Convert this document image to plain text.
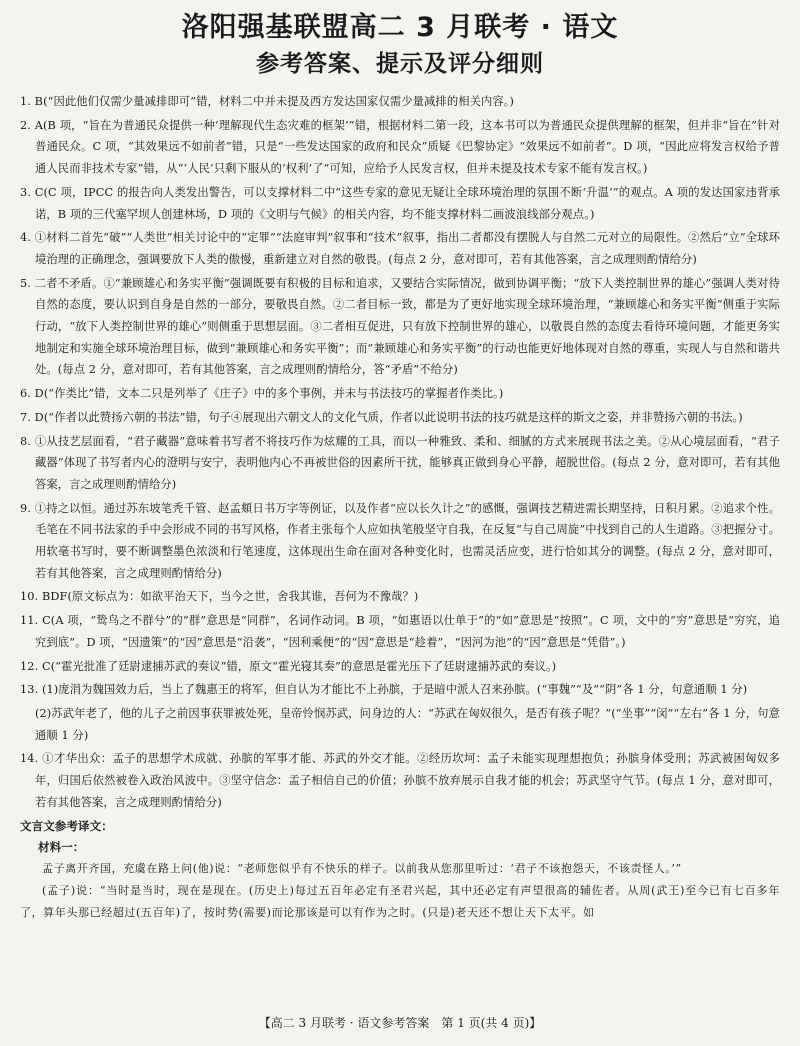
洛阳强基联盟高二 3 月联考 · 语文
参考答案、提示及评分细则

1. B(“因此他们仅需少量减排即可”错，材料二中并未提及西方发达国家仅需少量减排的相关内容。)

2. A(B 项，“旨在为普通民众提供一种‘理解现代生态灾难的框架’”错，根据材料二第一段，这本书可以为普通民众提供理解的框架，但并非“旨在”针对普通民众。C 项，“其效果远不如前者”错，只是“一些发达国家的政府和民众”质疑《巴黎协定》“效果远不如前者”。D 项，“因此应将发言权给予普通人民而非技术专家”错，从“‘人民’只剩下服从的‘权利’了”可知，应给予人民发言权，但并未提及技术专家不能有发言权。)

3. C(C 项，IPCC 的报告向人类发出警告，可以支撑材料二中“这些专家的意见无疑让全球环境治理的氛围不断‘升温’”的观点。A 项的发达国家违背承诺，B 项的三代塞罕坝人创建林场，D 项的《文明与气候》的相关内容，均不能支撑材料二画波浪线部分观点。)

4. ①材料二首先“破”“人类世”相关讨论中的“定罪”“法庭审判”叙事和“技术”叙事，指出二者都没有摆脱人与自然二元对立的局限性。②然后“立”全球环境治理的正确理念，强调要放下人类的傲慢，重新建立对自然的敬畏。(每点 2 分，意对即可，若有其他答案，言之成理则酌情给分)

5. 二者不矛盾。①“兼顾雄心和务实平衡”强调既要有积极的目标和追求，又要结合实际情况，做到协调平衡；“放下人类控制世界的雄心”强调人类对待自然的态度，要认识到自身是自然的一部分，要敬畏自然。②二者目标一致，都是为了更好地实现全球环境治理，“兼顾雄心和务实平衡”侧重于实际行动，“放下人类控制世界的雄心”则侧重于思想层面。③二者相互促进，只有放下控制世界的雄心，以敬畏自然的态度去看待环境问题，才能更务实地制定和实施全球环境治理目标，做到“兼顾雄心和务实平衡”；而“兼顾雄心和务实平衡”的行动也能更好地体现对自然的尊重，实现人与自然和谐共处。(每点 2 分，意对即可，若有其他答案，言之成理则酌情给分，答“矛盾”不给分)

6. D(“作类比”错，文本二只是列举了《庄子》中的多个事例，并未与书法技巧的掌握者作类比。)

7. D(“作者以此赞扬六朝的书法”错，句子④展现出六朝文人的文化气质，作者以此说明书法的技巧就是这样的斯文之姿，并非赞扬六朝的书法。)

8. ①从技艺层面看，“君子藏器”意味着书写者不将技巧作为炫耀的工具，而以一种雅致、柔和、细腻的方式来展现书法之美。②从心境层面看，“君子藏器”体现了书写者内心的澄明与安宁，表明他内心不再被世俗的因素所干扰，能够真正做到身心平静，超脱世俗。(每点 2 分，意对即可，若有其他答案，言之成理则酌情给分)

9. ①持之以恒。通过苏东坡笔秃千管、赵孟頫日书万字等例证，以及作者“应以长久计之”的感慨，强调技艺精进需长期坚持，日积月累。②追求个性。毛笔在不同书法家的手中会形成不同的书写风格，作者主张每个人应如执笔般坚守自我，在反复“与自己周旋”中找到自己的人生道路。③把握分寸。用软毫书写时，要不断调整墨色浓淡和行笔速度，这体现出生命在面对各种变化时，也需灵活应变，进行恰如其分的调整。(每点 2 分，意对即可，若有其他答案，言之成理则酌情给分)

10. BDF(原文标点为：如欲平治天下，当今之世，舍我其谁，吾何为不豫哉？)

11. C(A 项，“鸷鸟之不群兮”的“群”意思是“同群”，名词作动词。B 项，“如惠语以仕单于”的“如”意思是“按照”。C 项，文中的“穷”意思是“穷究，追究到底”。D 项，“因遗策”的“因”意思是“沿袭”，“因利乘便”的“因”意思是“趁着”，“因河为池”的“因”意思是“凭借”。)

12. C(“霍光批准了廷尉逮捕苏武的奏议”错，原文“霍光寝其奏”的意思是霍光压下了廷尉逮捕苏武的奏议。)

13. (1)庞涓为魏国效力后，当上了魏惠王的将军，但自认为才能比不上孙膑，于是暗中派人召来孙膑。(“事魏”“及”“阴”各 1 分，句意通顺 1 分)

(2)苏武年老了，他的儿子之前因事获罪被处死，皇帝怜悯苏武，问身边的人：“苏武在匈奴很久，是否有孩子呢？”(“坐事”“闵”“左右”各 1 分，句意通顺 1 分)

14. ①才华出众：孟子的思想学术成就、孙膑的军事才能、苏武的外交才能。②经历坎坷：孟子未能实现理想抱负；孙膑身体受刑；苏武被困匈奴多年，归国后依然被卷入政治风波中。③坚守信念：孟子相信自己的价值；孙膑不放弃展示自我才能的机会；苏武坚守气节。(每点 1 分，意对即可，若有其他答案，言之成理则酌情给分)

文言文参考译文：

材料一：

孟子离开齐国，充虞在路上问(他)说：“老师您似乎有不快乐的样子。以前我从您那里听过：‘君子不该抱怨天，不该责怪人。’”

(孟子)说：“当时是当时，现在是现在。(历史上)每过五百年必定有圣君兴起，其中还必定有声望很高的辅佐者。从周(武王)至今已有七百多年了，算年头那已经超过(五百年)了，按时势(需要)而论那该是可以有作为之时。(只是)老天还不想让天下太平。如

【高二 3 月联考 · 语文参考答案　第 1 页(共 4 页)】
